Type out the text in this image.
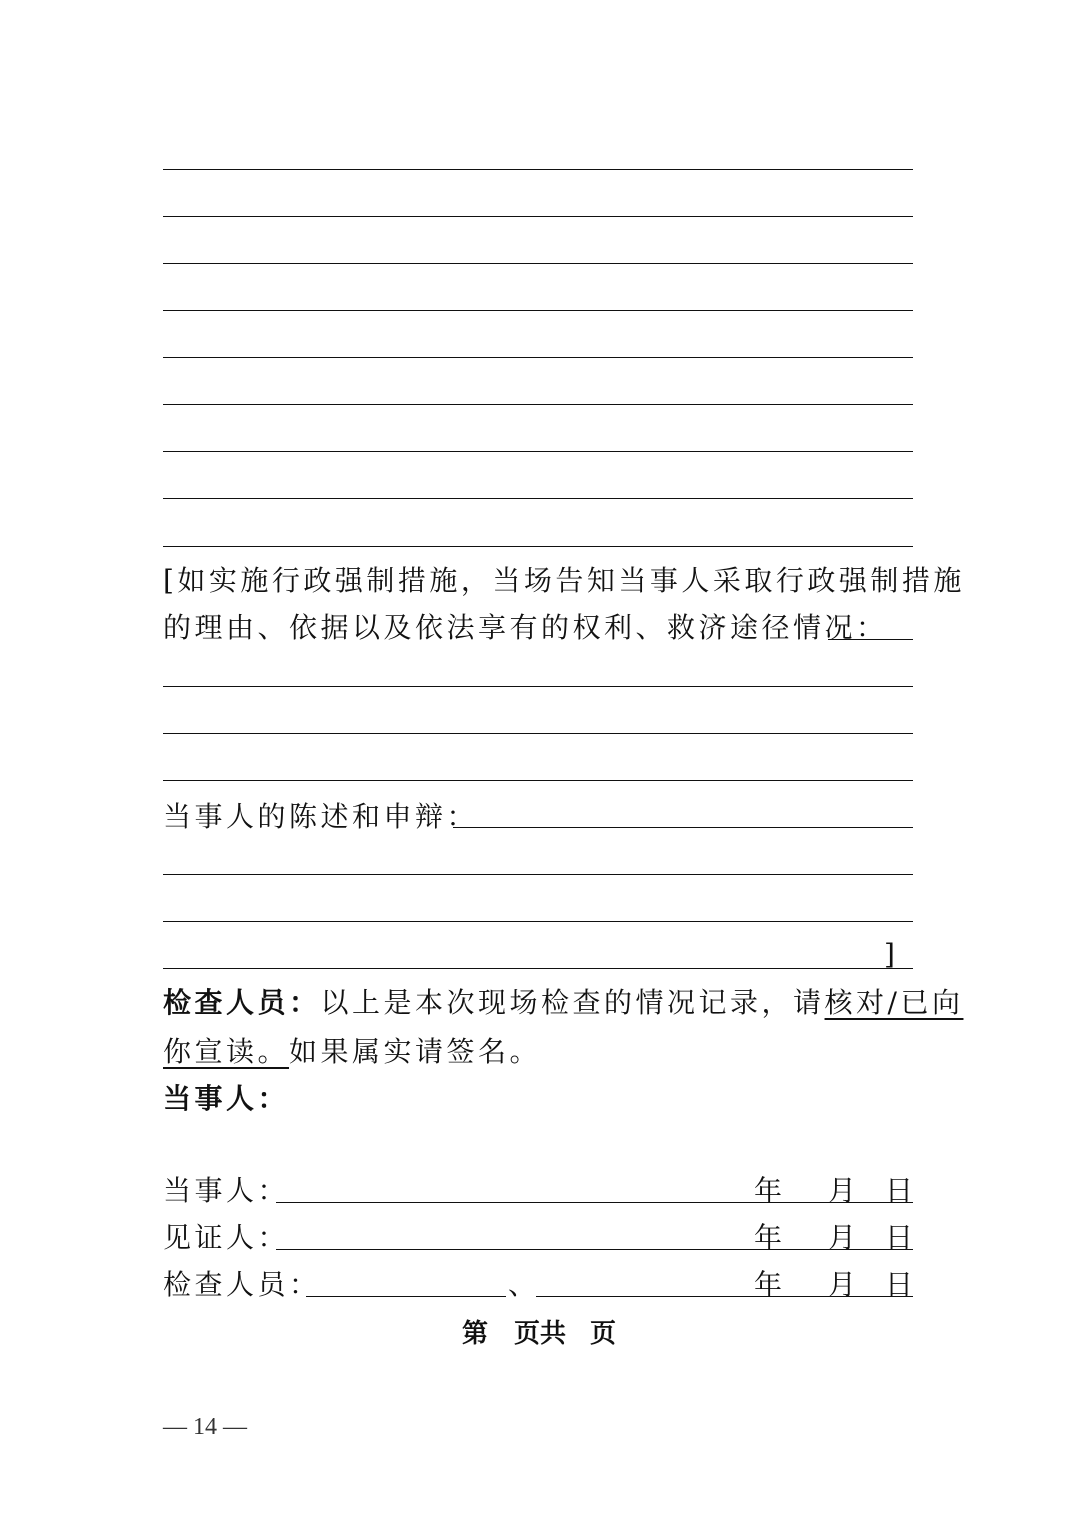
[如实施行政强制措施，当场告知当事人采取行政强制措施
的理由、依据以及依法享有的权利、救济途径情况：
当事人的陈述和申辩：
]
检查人员：以上是本次现场检查的情况记录，请核对/已向
你宣读。如果属实请签名。
当事人：
当事人：	年 月 日
见证人：	年 月 日
检查人员：	、	年 月 日
第 页共 页
— 14 —
